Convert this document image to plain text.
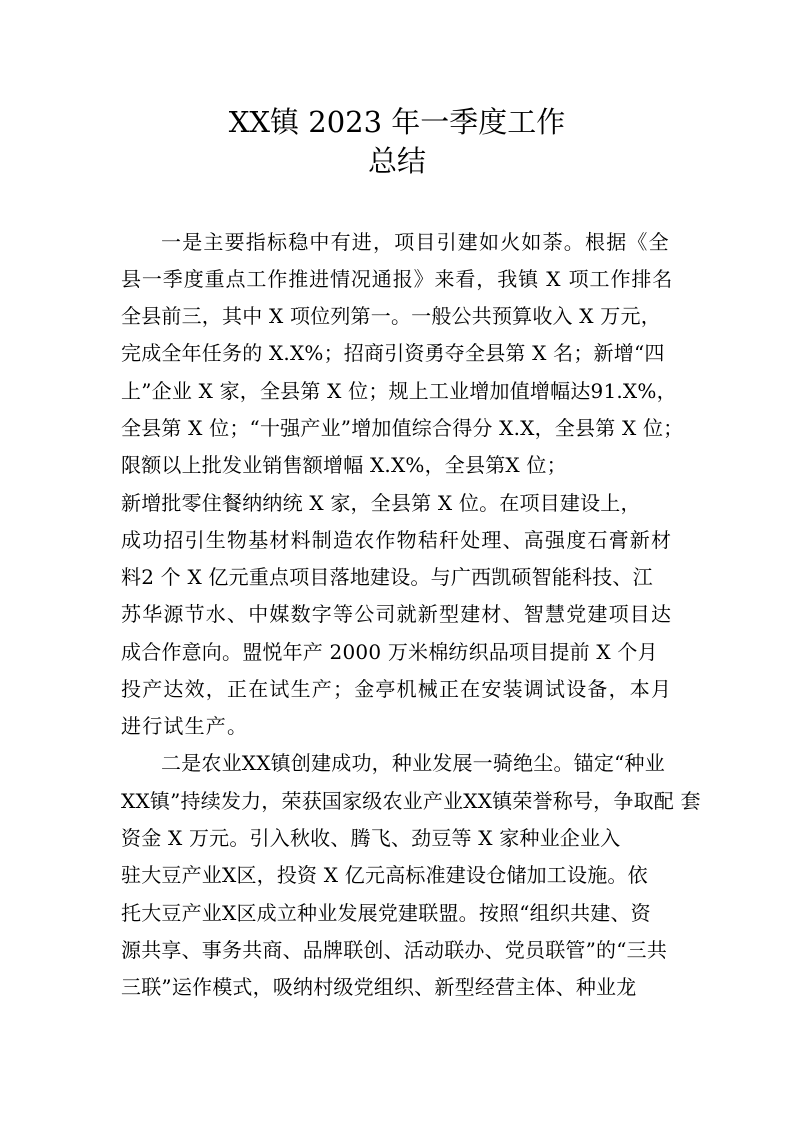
XX镇 2023 年一季度工作
总结
一是主要指标稳中有进，项目引建如火如荼。根据《全
县一季度重点工作推进情况通报》来看，我镇 X 项工作排名
全县前三，其中 X 项位列第一。一般公共预算收入 X 万元，
完成全年任务的 X.X%；招商引资勇夺全县第 X 名；新增“四
上”企业 X 家，全县第 X 位；规上工业增加值增幅达91.X%，
全县第 X 位；“十强产业”增加值综合得分 X.X，全县第 X 位；
限额以上批发业销售额增幅 X.X%，全县第X 位；
新增批零住餐纳纳统 X 家，全县第 X 位。在项目建设上，
成功招引生物基材料制造农作物秸秆处理、高强度石膏新材
料2 个 X 亿元重点项目落地建设。与广西凯硕智能科技、江
苏华源节水、中媒数字等公司就新型建材、智慧党建项目达
成合作意向。盟悦年产 2000 万米棉纺织品项目提前 X 个月
投产达效，正在试生产；金亭机械正在安装调试设备，本月
进行试生产。
二是农业XX镇创建成功，种业发展一骑绝尘。锚定“种业
XX镇”持续发力，荣获国家级农业产业XX镇荣誉称号，争取配 套
资金 X 万元。引入秋收、腾飞、劲豆等 X 家种业企业入
驻大豆产业X区，投资 X 亿元高标准建设仓储加工设施。依
托大豆产业X区成立种业发展党建联盟。按照“组织共建、资
源共享、事务共商、品牌联创、活动联办、党员联管”的“三共
三联”运作模式，吸纳村级党组织、新型经营主体、种业龙
